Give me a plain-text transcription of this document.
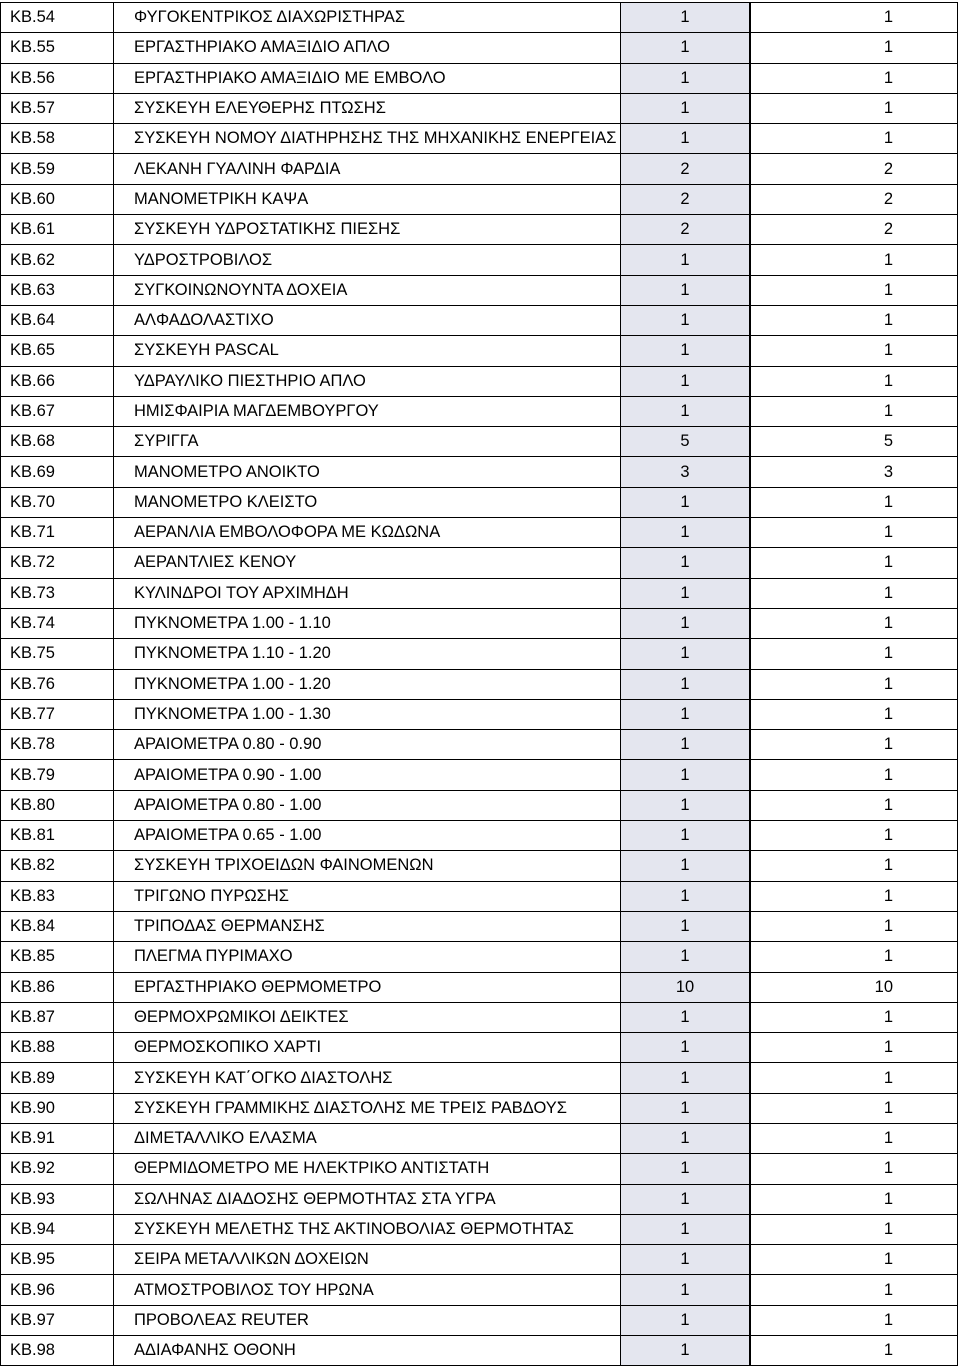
ΚΒ.54	ΦΥΓΟΚΕΝΤΡΙΚΟΣ ΔΙΑΧΩΡΙΣΤΗΡΑΣ	1	1
ΚΒ.55	ΕΡΓΑΣΤΗΡΙΑΚΟ ΑΜΑΞΙΔΙΟ ΑΠΛΟ	1	1
ΚΒ.56	ΕΡΓΑΣΤΗΡΙΑΚΟ ΑΜΑΞΙΔΙΟ ΜΕ ΕΜΒΟΛΟ	1	1
ΚΒ.57	ΣΥΣΚΕΥΗ ΕΛΕΥΘΕΡΗΣ ΠΤΩΣΗΣ	1	1
ΚΒ.58	ΣΥΣΚΕΥΗ ΝΟΜΟΥ ΔΙΑΤΗΡΗΣΗΣ ΤΗΣ ΜΗΧΑΝΙΚΗΣ ΕΝΕΡΓΕΙΑΣ	1	1
ΚΒ.59	ΛΕΚΑΝΗ ΓΥΑΛΙΝΗ ΦΑΡΔΙΑ	2	2
ΚΒ.60	ΜΑΝΟΜΕΤΡΙΚΗ ΚΑΨΑ	2	2
ΚΒ.61	ΣΥΣΚΕΥΗ ΥΔΡΟΣΤΑΤΙΚΗΣ ΠΙΕΣΗΣ	2	2
ΚΒ.62	ΥΔΡΟΣΤΡΟΒΙΛΟΣ	1	1
ΚΒ.63	ΣΥΓΚΟΙΝΩΝΟΥΝΤΑ ΔΟΧΕΙΑ	1	1
ΚΒ.64	ΑΛΦΑΔΟΛΑΣΤΙΧΟ	1	1
ΚΒ.65	ΣΥΣΚΕΥΗ PASCAL	1	1
ΚΒ.66	ΥΔΡΑΥΛΙΚΟ ΠΙΕΣΤΗΡΙΟ ΑΠΛΟ	1	1
ΚΒ.67	ΗΜΙΣΦΑΙΡΙΑ ΜΑΓΔΕΜΒΟΥΡΓΟΥ	1	1
ΚΒ.68	ΣΥΡΙΓΓΑ	5	5
ΚΒ.69	ΜΑΝΟΜΕΤΡΟ ΑΝΟΙΚΤΟ	3	3
ΚΒ.70	ΜΑΝΟΜΕΤΡΟ ΚΛΕΙΣΤΟ	1	1
ΚΒ.71	ΑΕΡΑΝΛΙΑ ΕΜΒΟΛΟΦΟΡΑ ΜΕ ΚΩΔΩΝΑ	1	1
ΚΒ.72	ΑΕΡΑΝΤΛΙΕΣ ΚΕΝΟΥ	1	1
ΚΒ.73	ΚΥΛΙΝΔΡΟΙ ΤΟΥ ΑΡΧΙΜΗΔΗ	1	1
ΚΒ.74	ΠΥΚΝΟΜΕΤΡΑ 1.00 - 1.10	1	1
ΚΒ.75	ΠΥΚΝΟΜΕΤΡΑ 1.10 - 1.20	1	1
ΚΒ.76	ΠΥΚΝΟΜΕΤΡΑ 1.00 - 1.20	1	1
ΚΒ.77	ΠΥΚΝΟΜΕΤΡΑ 1.00 - 1.30	1	1
ΚΒ.78	ΑΡΑΙΟΜΕΤΡΑ 0.80 - 0.90	1	1
ΚΒ.79	ΑΡΑΙΟΜΕΤΡΑ 0.90 - 1.00	1	1
ΚΒ.80	ΑΡΑΙΟΜΕΤΡΑ 0.80 - 1.00	1	1
ΚΒ.81	ΑΡΑΙΟΜΕΤΡΑ 0.65 - 1.00	1	1
ΚΒ.82	ΣΥΣΚΕΥΗ ΤΡΙΧΟΕΙΔΩΝ ΦΑΙΝΟΜΕΝΩΝ	1	1
ΚΒ.83	ΤΡΙΓΩΝΟ ΠΥΡΩΣΗΣ	1	1
ΚΒ.84	ΤΡΙΠΟΔΑΣ ΘΕΡΜΑΝΣΗΣ	1	1
ΚΒ.85	ΠΛΕΓΜΑ ΠΥΡΙΜΑΧΟ	1	1
ΚΒ.86	ΕΡΓΑΣΤΗΡΙΑΚΟ ΘΕΡΜΟΜΕΤΡΟ	10	10
ΚΒ.87	ΘΕΡΜΟΧΡΩΜΙΚΟΙ ΔΕΙΚΤΕΣ	1	1
ΚΒ.88	ΘΕΡΜΟΣΚΟΠΙΚΟ ΧΑΡΤΙ	1	1
ΚΒ.89	ΣΥΣΚΕΥΗ ΚΑΤ΄ΟΓΚΟ ΔΙΑΣΤΟΛΗΣ	1	1
ΚΒ.90	ΣΥΣΚΕΥΗ ΓΡΑΜΜΙΚΗΣ ΔΙΑΣΤΟΛΗΣ ΜΕ ΤΡΕΙΣ ΡΑΒΔΟΥΣ	1	1
ΚΒ.91	ΔΙΜΕΤΑΛΛΙΚΟ ΕΛΑΣΜΑ	1	1
ΚΒ.92	ΘΕΡΜΙΔΟΜΕΤΡΟ ΜΕ ΗΛΕΚΤΡΙΚΟ ΑΝΤΙΣΤΑΤΗ	1	1
ΚΒ.93	ΣΩΛΗΝΑΣ ΔΙΑΔΟΣΗΣ ΘΕΡΜΟΤΗΤΑΣ ΣΤΑ ΥΓΡΑ	1	1
ΚΒ.94	ΣΥΣΚΕΥΗ ΜΕΛΕΤΗΣ ΤΗΣ ΑΚΤΙΝΟΒΟΛΙΑΣ ΘΕΡΜΟΤΗΤΑΣ	1	1
ΚΒ.95	ΣΕΙΡΑ ΜΕΤΑΛΛΙΚΩΝ ΔΟΧΕΙΩΝ	1	1
ΚΒ.96	ΑΤΜΟΣΤΡΟΒΙΛΟΣ ΤΟΥ ΗΡΩΝΑ	1	1
ΚΒ.97	ΠΡΟΒΟΛΕΑΣ REUTER	1	1
ΚΒ.98	ΑΔΙΑΦΑΝΗΣ ΟΘΟΝΗ	1	1
